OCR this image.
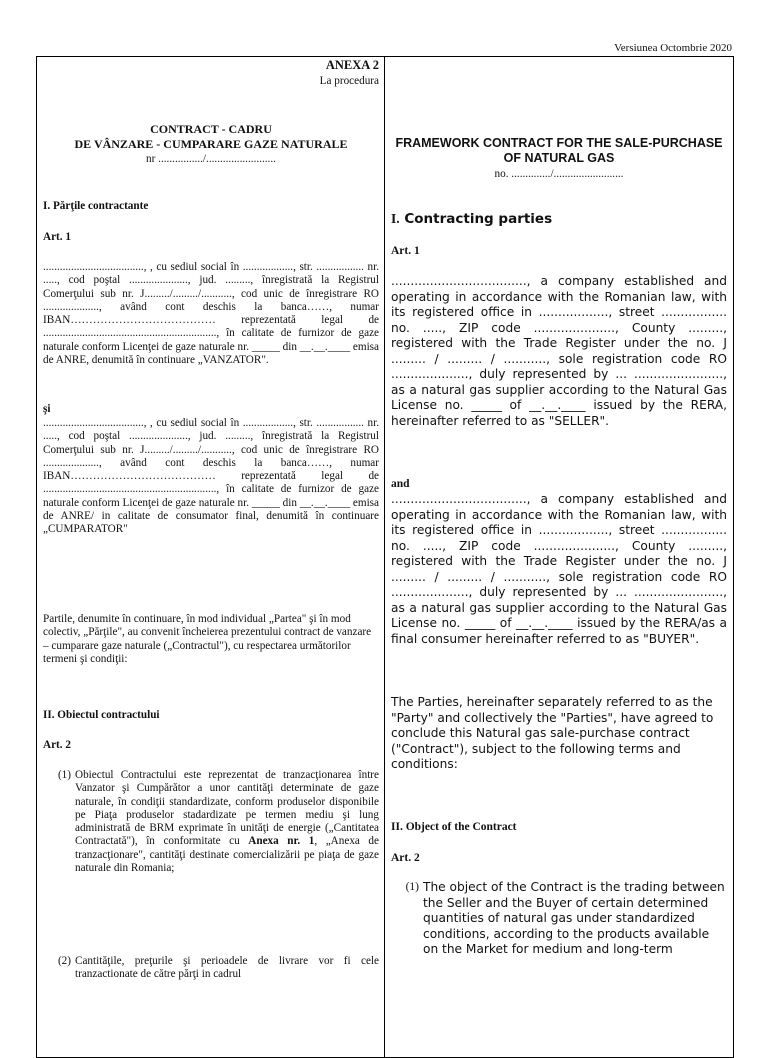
Versiunea Octombrie 2020

ANEXA 2

La procedura

CONTRACT - CADRU

DE VÂNZARE - CUMPARARE GAZE NATURALE

nr ................/.........................

I. Părţile contractante

Art. 1

...................................., , cu sediul social în .................., str. ................. nr. ....., cod poştal ....................., jud. ........., înregistrată la Registrul Comerţului sub nr. J........./........./..........., cod unic de înregistrare RO ...................., având cont deschis la banca……, numar IBAN………………………………… reprezentată legal de .............................................................., în calitate de furnizor de gaze naturale conform Licenţei de gaze naturale nr. _____ din __.__.____ emisa de ANRE, denumită în continuare „VANZATOR".

şi

...................................., , cu sediul social în .................., str. ................. nr. ....., cod poştal ....................., jud. ........., înregistrată la Registrul Comerţului sub nr. J........./........./..........., cod unic de înregistrare RO ...................., având cont deschis la banca……, numar IBAN………………………………… reprezentată legal de .............................................................., în calitate de furnizor de gaze naturale conform Licenţei de gaze naturale nr. _____ din __.__.____ emisa de ANRE/ in calitate de consumator final, denumită în continuare „CUMPARATOR"

Partile, denumite în continuare, în mod individual „Partea" şi în mod colectiv, „Părţile", au convenit încheierea prezentului contract de vanzare – cumparare gaze naturale („Contractul"), cu respectarea următorilor termeni şi condiţii:

II. Obiectul contractului

Art. 2

(1) Obiectul Contractului este reprezentat de tranzacţionarea între Vanzator şi Cumpărător a unor cantităţi determinate de gaze naturale, în condiţii standardizate, conform produselor disponibile pe Piaţa produselor stadardizate pe termen mediu şi lung administrată de BRM exprimate în unităţi de energie („Cantitatea Contractată"), în conformitate cu Anexa nr. 1, „Anexa de tranzacţionare", cantităţi destinate comercializării pe piaţa de gaze naturale din Romania;
(2) Cantităţile, preţurile şi perioadele de livrare vor fi cele tranzactionate de către părţi in cadrul

FRAMEWORK CONTRACT FOR THE SALE-PURCHASE OF NATURAL GAS

no. ............../.........................

I. Contracting parties

Art. 1

..................................., a company established and operating in accordance with the Romanian law, with its registered office in .................., street ................. no. ....., ZIP code ....................., County ........., registered with the Trade Register under the no. J ......... / ......... / ..........., sole registration code RO ...................., duly represented by ... ......................., as a natural gas supplier according to the Natural Gas License no. _____ of __.__.____ issued by the RERA, hereinafter referred to as "SELLER".

and

..................................., a company established and operating in accordance with the Romanian law, with its registered office in .................., street ................. no. ....., ZIP code ....................., County ........., registered with the Trade Register under the no. J ......... / ......... / ..........., sole registration code RO ...................., duly represented by ... ......................., as a natural gas supplier according to the Natural Gas License no. _____ of __.__.____ issued by the RERA/as a final consumer hereinafter referred to as "BUYER".

The Parties, hereinafter separately referred to as the "Party" and collectively the "Parties", have agreed to conclude this Natural gas sale-purchase contract ("Contract"), subject to the following terms and conditions:

II. Object of the Contract

Art. 2

(1) The object of the Contract is the trading between the Seller and the Buyer of certain determined quantities of natural gas under standardized conditions, according to the products available on the Market for medium and long-term
